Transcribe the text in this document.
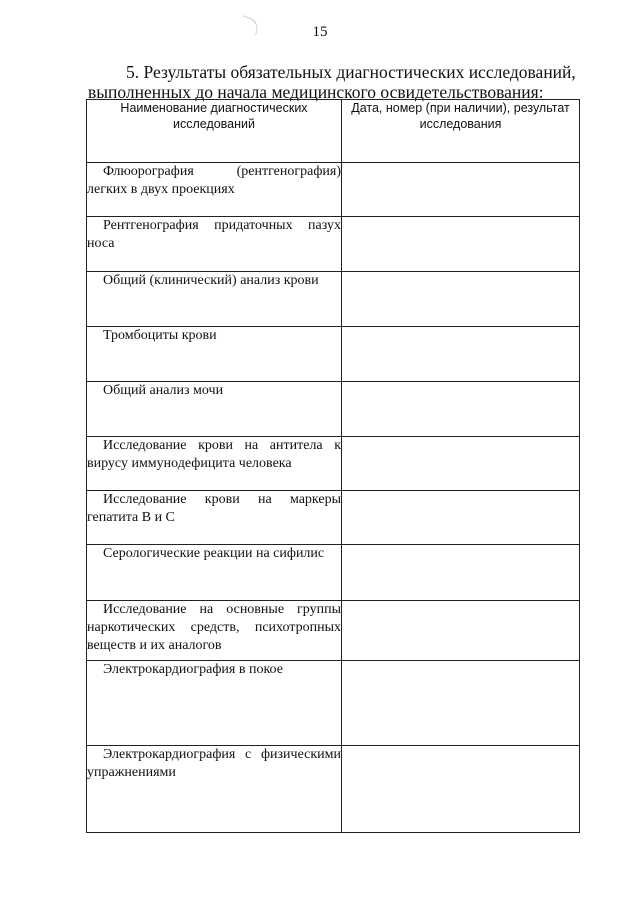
15
5. Результаты обязательных диагностических исследований,
выполненных до начала медицинского освидетельствования:
Наименование диагностических исследований	Дата, номер (при наличии), результат исследования

Флюорография (рентгенография) легких в двух проекциях	

Рентгенография придаточных пазух носа	

Общий (клинический) анализ крови	

Тромбоциты крови	

Общий анализ мочи	

Исследование крови на антитела к вирусу иммунодефицита человека	

Исследование крови на маркеры гепатита B и C	

Серологические реакции на сифилис	

Исследование на основные группы наркотических средств, психотропных веществ и их аналогов	

Электрокардиография в покое	

Электрокардиография с физическими упражнениями	
